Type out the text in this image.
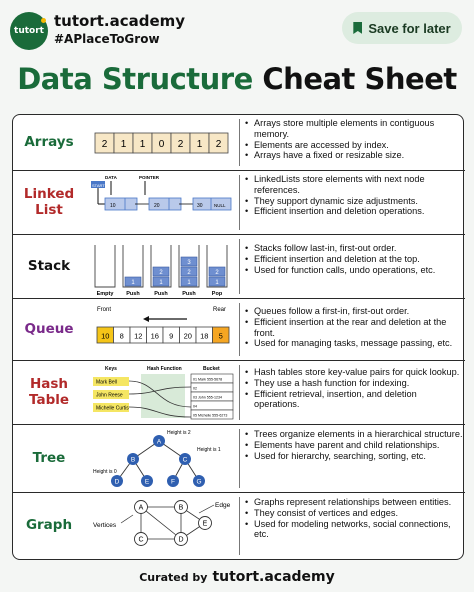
tutort
tutort.academy
#APlaceToGrow
Save for later
Data Structure Cheat Sheet
Arrays	2 1 1 0 2 1 2
• Arrays store multiple elements in contiguous memory.
• Elements are accessed by index.
• Arrays have a fixed or resizable size.
Linked List
START
DATA	POINTER
10	20	30	NULL
• LinkedLists store elements with next node references.
• They support dynamic size adjustments.
• Efficient insertion and deletion operations.
Stack
Empty
1
Push
1
2
Push
1
2
3
Push
1
2
Pop
• Stacks follow last-in, first-out order.
• Efficient insertion and deletion at the top.
• Used for function calls, undo operations, etc.
Queue
Front	Rear
10 8 12 16 9 20 18 5
• Queues follow a first-in, first-out order.
• Efficient insertion at the rear and deletion at the front.
• Used for managing tasks, message passing, etc.
Hash Table
Keys	Hash Function	Bucket
Mark Bell
John Reese
Michelle Curtis
01 Mark 555-5678
02
03 John 555-1234
04
05 Michelle 555-6273
• Hash tables store key-value pairs for quick lookup.
• They use a hash function for indexing.
• Efficient retrieval, insertion, and deletion operations.
Tree
A
B	C
D	E	F	G
Height is 2
Height is 0
Height is 1
• Trees organize elements in a hierarchical structure.
• Elements have parent and child relationships.
• Used for hierarchy, searching, sorting, etc.
Graph
A	B
C	D
E
Vertices
Edge
•	Graphs represent relationships between entities.
• They consist of vertices and edges.
• Used for modeling networks, social connections, etc.
Curated by tutort.academy
